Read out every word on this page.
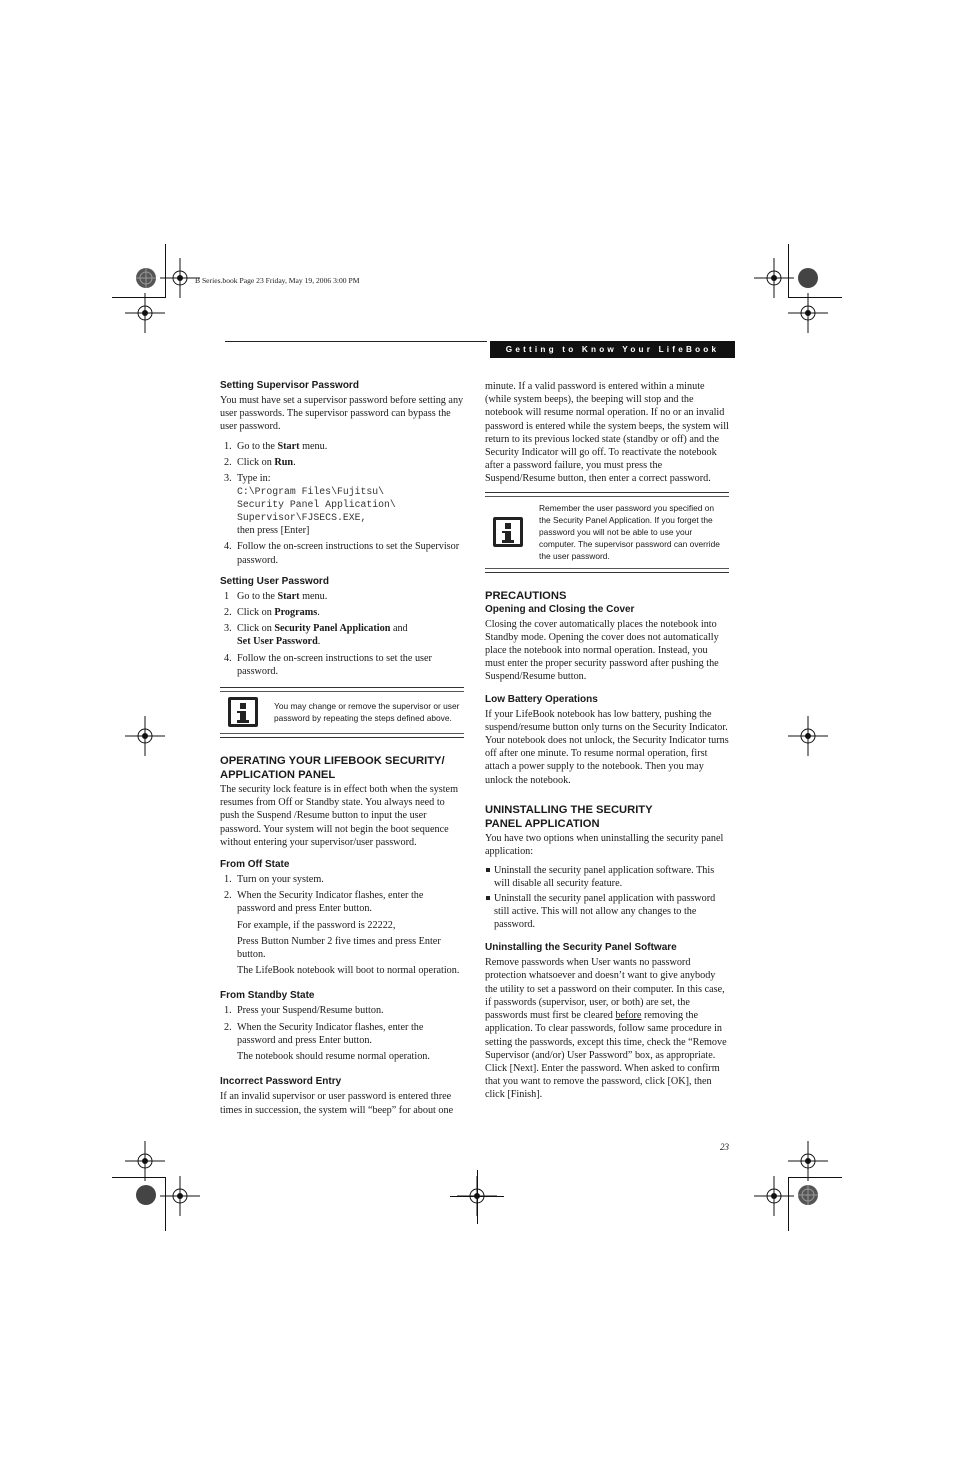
B Series.book Page 23 Friday, May 19, 2006 3:00 PM
Getting to Know Your LifeBook
Setting Supervisor Password

You must have set a supervisor password before setting any user passwords. The supervisor password can bypass the user password.

1. Go to the Start menu.
2. Click on Run.
3. Type in:
C:\Program Files\Fujitsu\
Security Panel Application\
Supervisor\FJSECS.EXE,
then press [Enter]
4. Follow the on-screen instructions to set the Supervisor password.
Setting User Password
1 Go to the Start menu.
2. Click on Programs.
3. Click on Security Panel Application and
Set User Password.
4. Follow the on-screen instructions to set the user password.
You may change or remove the supervisor or user password by repeating the steps defined above.
OPERATING YOUR LIFEBOOK SECURITY/
APPLICATION PANEL

The security lock feature is in effect both when the system resumes from Off or Standby state. You always need to push the Suspend /Resume button to input the user password. Your system will not begin the boot sequence without entering your supervisor/user password.

From Off State
1. Turn on your system.
2. When the Security Indicator flashes, enter the password and press Enter button.
For example, if the password is 22222,
Press Button Number 2 five times and press Enter button.
The LifeBook notebook will boot to normal operation.
From Standby State
1. Press your Suspend/Resume button.
2. When the Security Indicator flashes, enter the password and press Enter button.
The notebook should resume normal operation.
Incorrect Password Entry

If an invalid supervisor or user password is entered three times in succession, the system will “beep” for about one

minute. If a valid password is entered within a minute (while system beeps), the beeping will stop and the notebook will resume normal operation. If no or an invalid password is entered while the system beeps, the system will return to its previous locked state (standby or off) and the Security Indicator will go off. To reactivate the notebook after a password failure, you must press the Suspend/Resume button, then enter a correct password.

Remember the user password you specified on the Security Panel Application. If you forget the password you will not be able to use your computer. The supervisor password can override the user password.
PRECAUTIONS
Opening and Closing the Cover

Closing the cover automatically places the notebook into Standby mode. Opening the cover does not automatically place the notebook into normal operation. Instead, you must enter the proper security password after pushing the Suspend/Resume button.

Low Battery Operations

If your LifeBook notebook has low battery, pushing the suspend/resume button only turns on the Security Indicator. Your notebook does not unlock, the Security Indicator turns off after one minute. To resume normal operation, first attach a power supply to the notebook. Then you may unlock the notebook.

UNINSTALLING THE SECURITY
PANEL APPLICATION

You have two options when uninstalling the security panel application:

Uninstall the security panel application software. This will disable all security feature.
Uninstall the security panel application with password still active. This will not allow any changes to the password.
Uninstalling the Security Panel Software

Remove passwords when User wants no password protection whatsoever and doesn’t want to give anybody the utility to set a password on their computer. In this case, if passwords (supervisor, user, or both) are set, the passwords must first be cleared before removing the application. To clear passwords, follow same procedure in setting the passwords, except this time, check the “Remove Supervisor (and/or) User Password” box, as appropriate. Click [Next]. Enter the password. When asked to confirm that you want to remove the password, click [OK], then click [Finish].

23
